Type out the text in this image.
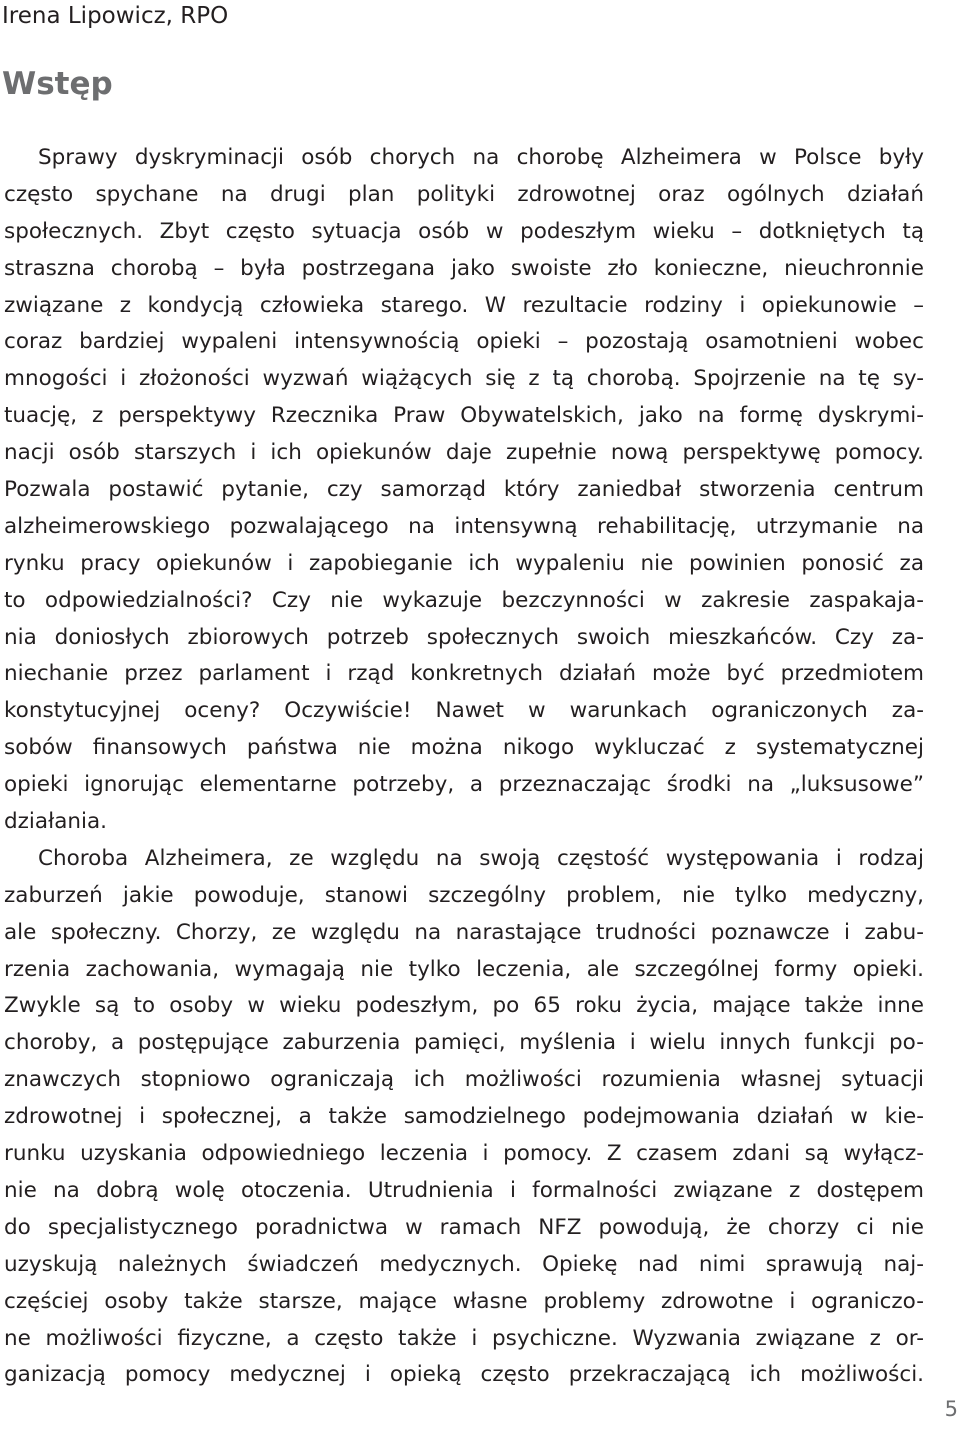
Irena Lipowicz, RPO
Wstęp
Sprawy dyskryminacji osób chorych na chorobę Alzheimera w Polsce były
często spychane na drugi plan polityki zdrowotnej oraz ogólnych działań
społecznych. Zbyt często sytuacja osób w podeszłym wieku – dotkniętych tą
straszna chorobą – była postrzegana jako swoiste zło konieczne, nieuchronnie
związane z kondycją człowieka starego. W rezultacie rodziny i opiekunowie –
coraz bardziej wypaleni intensywnością opieki – pozostają osamotnieni wobec
mnogości i złożoności wyzwań wiążących się z tą chorobą. Spojrzenie na tę sy-
tuację, z perspektywy Rzecznika Praw Obywatelskich, jako na formę dyskrymi-
nacji osób starszych i ich opiekunów daje zupełnie nową perspektywę pomocy.
Pozwala postawić pytanie, czy samorząd który zaniedbał stworzenia centrum
alzheimerowskiego pozwalającego na intensywną rehabilitację, utrzymanie na
rynku pracy opiekunów i zapobieganie ich wypaleniu nie powinien ponosić za
to odpowiedzialności? Czy nie wykazuje bezczynności w zakresie zaspakaja-
nia doniosłych zbiorowych potrzeb społecznych swoich mieszkańców. Czy za-
niechanie przez parlament i rząd konkretnych działań może być przedmiotem
konstytucyjnej oceny? Oczywiście! Nawet w warunkach ograniczonych za-
sobów finansowych państwa nie można nikogo wykluczać z systematycznej
opieki ignorując elementarne potrzeby, a przeznaczając środki na „luksusowe”
działania.
Choroba Alzheimera, ze względu na swoją częstość występowania i rodzaj
zaburzeń jakie powoduje, stanowi szczególny problem, nie tylko medyczny,
ale społeczny. Chorzy, ze względu na narastające trudności poznawcze i zabu-
rzenia zachowania, wymagają nie tylko leczenia, ale szczególnej formy opieki.
Zwykle są to osoby w wieku podeszłym, po 65 roku życia, mające także inne
choroby, a postępujące zaburzenia pamięci, myślenia i wielu innych funkcji po-
znawczych stopniowo ograniczają ich możliwości rozumienia własnej sytuacji
zdrowotnej i społecznej, a także samodzielnego podejmowania działań w kie-
runku uzyskania odpowiedniego leczenia i pomocy. Z czasem zdani są wyłącz-
nie na dobrą wolę otoczenia. Utrudnienia i formalności związane z dostępem
do specjalistycznego poradnictwa w ramach NFZ powodują, że chorzy ci nie
uzyskują należnych świadczeń medycznych. Opiekę nad nimi sprawują naj-
częściej osoby także starsze, mające własne problemy zdrowotne i ograniczo-
ne możliwości fizyczne, a często także i psychiczne. Wyzwania związane z or-
ganizacją pomocy medycznej i opieką często przekraczającą ich możliwości.
5
